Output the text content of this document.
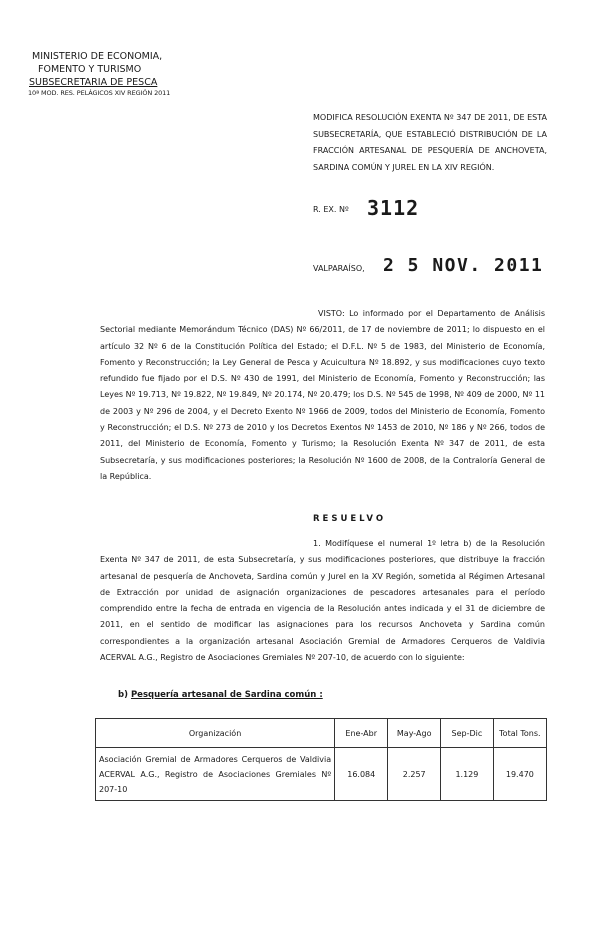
MINISTERIO DE ECONOMIA,
FOMENTO Y TURISMO
SUBSECRETARIA DE PESCA
10ª MOD. RES. PELÁGICOS XIV REGIÓN 2011
MODIFICA RESOLUCIÓN EXENTA Nº 347 DE 2011, DE ESTA SUBSECRETARÍA, QUE ESTABLECIÓ DISTRIBUCIÓN DE LA FRACCIÓN ARTESANAL DE PESQUERÍA DE ANCHOVETA, SARDINA COMÚN Y JUREL EN LA XIV REGIÓN.
R. EX. Nº 3112
VALPARAÍSO, 2 5 NOV. 2011
VISTO: Lo informado por el Departamento de Análisis Sectorial mediante Memorándum Técnico (DAS) Nº 66/2011, de 17 de noviembre de 2011; lo dispuesto en el artículo 32 Nº 6 de la Constitución Política del Estado; el D.F.L. Nº 5 de 1983, del Ministerio de Economía, Fomento y Reconstrucción; la Ley General de Pesca y Acuicultura Nº 18.892, y sus modificaciones cuyo texto refundido fue fijado por el D.S. Nº 430 de 1991, del Ministerio de Economía, Fomento y Reconstrucción; las Leyes Nº 19.713, Nº 19.822, Nº 19.849, Nº 20.174, Nº 20.479; los D.S. Nº 545 de 1998, Nº 409 de 2000, Nº 11 de 2003 y Nº 296 de 2004, y el Decreto Exento Nº 1966 de 2009, todos del Ministerio de Economía, Fomento y Reconstrucción; el D.S. Nº 273 de 2010 y los Decretos Exentos Nº 1453 de 2010, Nº 186 y Nº 266, todos de 2011, del Ministerio de Economía, Fomento y Turismo; la Resolución Exenta Nº 347 de 2011, de esta Subsecretaría, y sus modificaciones posteriores; la Resolución Nº 1600 de 2008, de la Contraloría General de la República.
RESUELVO
1. Modifíquese el numeral 1º letra b) de la Resolución Exenta Nº 347 de 2011, de esta Subsecretaría, y sus modificaciones posteriores, que distribuye la fracción artesanal de pesquería de Anchoveta, Sardina común y Jurel en la XV Región, sometida al Régimen Artesanal de Extracción por unidad de asignación organizaciones de pescadores artesanales para el período comprendido entre la fecha de entrada en vigencia de la Resolución antes indicada y el 31 de diciembre de 2011, en el sentido de modificar las asignaciones para los recursos Anchoveta y Sardina común correspondientes a la organización artesanal Asociación Gremial de Armadores Cerqueros de Valdivia ACERVAL A.G., Registro de Asociaciones Gremiales Nº 207-10, de acuerdo con lo siguiente:
b) Pesquería artesanal de Sardina común :
Organización	Ene-Abr	May-Ago	Sep-Dic	Total Tons.
Asociación Gremial de Armadores Cerqueros de Valdivia ACERVAL A.G., Registro de Asociaciones Gremiales Nº 207-10	16.084	2.257	1.129	19.470
